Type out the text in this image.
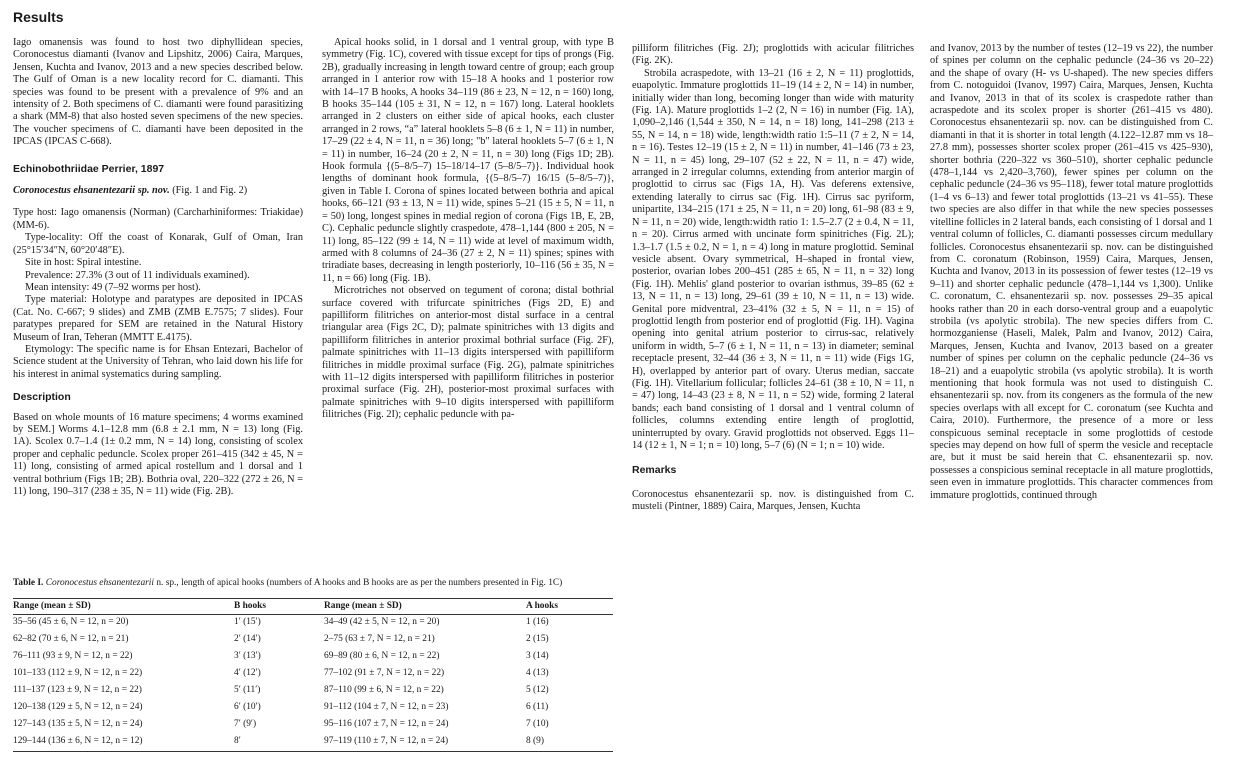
Results

Iago omanensis was found to host two diphyllidean species, Coronocestus diamanti (Ivanov and Lipshitz, 2006) Caira, Marques, Jensen, Kuchta and Ivanov, 2013 and a new species described below. The Gulf of Oman is a new locality record for C. diamanti. This species was found to be present with a prevalence of 9% and an intensity of 2. Both specimens of C. diamanti were found parasitizing a shark (MM-8) that also hosted seven specimens of the new species. The voucher specimens of C. diamanti have been deposited in the IPCAS (IPCAS C-668).

Echinobothriidae Perrier, 1897

Coronocestus ehsanentezarii sp. nov. (Fig. 1 and Fig. 2)

Type host: Iago omanensis (Norman) (Carcharhiniformes: Triakidae) (MM-6).

Type-locality: Off the coast of Konarak, Gulf of Oman, Iran (25°15′34″N, 60°20′48″E).

Site in host: Spiral intestine.

Prevalence: 27.3% (3 out of 11 individuals examined).

Mean intensity: 49 (7–92 worms per host).

Type material: Holotype and paratypes are deposited in IPCAS (Cat. No. C-667; 9 slides) and ZMB (ZMB E.7575; 7 slides). Four paratypes prepared for SEM are retained in the Natural History Museum of Iran, Teheran (MMTT E.4175).

Etymology: The specific name is for Ehsan Entezari, Bachelor of Science student at the University of Tehran, who laid down his life for his interest in animal systematics during sampling.

Description

Based on whole mounts of 16 mature specimens; 4 worms examined by SEM.] Worms 4.1–12.8 mm (6.8 ± 2.1 mm, N = 13) long (Fig. 1A). Scolex 0.7–1.4 (1± 0.2 mm, N = 14) long, consisting of scolex proper and cephalic peduncle. Scolex proper 261–415 (342 ± 45, N = 11) long, consisting of armed apical rostellum and 1 dorsal and 1 ventral bothrium (Figs 1B; 2B). Bothria oval, 220–322 (272 ± 26, N = 11) long, 190–317 (238 ± 35, N = 11) wide (Fig. 2B).

Apical hooks solid, in 1 dorsal and 1 ventral group, with type B symmetry (Fig. 1C), covered with tissue except for tips of prongs (Fig. 2B), gradually increasing in length toward centre of group; each group arranged in 1 anterior row with 15–18 A hooks and 1 posterior row with 14–17 B hooks, A hooks 34–119 (86 ± 23, N = 12, n = 160) long, B hooks 35–144 (105 ± 31, N = 12, n = 167) long. Lateral hooklets arranged in 2 clusters on either side of apical hooks, each cluster arranged in 2 rows, “a” lateral hooklets 5–8 (6 ± 1, N = 11) in number, 17–29 (22 ± 4, N = 11, n = 36) long; "b" lateral hooklets 5–7 (6 ± 1, N = 11) in number, 16–24 (20 ± 2, N = 11, n = 30) long (Figs 1D; 2B). Hook formula {(5–8/5–7) 15–18/14–17 (5–8/5–7)}. Individual hook lengths of dominant hook formula, {(5–8/5–7) 16/15 (5–8/5–7)}, given in Table I. Corona of spines located between bothria and apical hooks, 66–121 (93 ± 13, N = 11) wide, spines 5–21 (15 ± 5, N = 11, n = 50) long, longest spines in medial region of corona (Figs 1B, E, 2B, C). Cephalic peduncle slightly craspedote, 478–1,144 (800 ± 205, N = 11) long, 85–122 (99 ± 14, N = 11) wide at level of maximum width, armed with 8 columns of 24–36 (27 ± 2, N = 11) spines; spines with triradiate bases, decreasing in length posteriorly, 10–116 (56 ± 35, N = 11, n = 66) long (Fig. 1B).

Microtriches not observed on tegument of corona; distal bothrial surface covered with trifurcate spinitriches (Figs 2D, E) and papilliform filitriches on anterior-most distal surface in a central triangular area (Figs 2C, D); palmate spinitriches with 13 digits and papilliform filitriches in anterior proximal bothrial surface (Fig. 2F), palmate spinitriches with 11–13 digits interspersed with papilliform filitriches in middle proximal surface (Fig. 2G), palmate spinitriches with 11–12 digits interspersed with papilliform filitriches in posterior proximal surface (Fig. 2H), posterior-most proximal surfaces with palmate spinitriches with 9–10 digits interspersed with papilliform filitriches (Fig. 2I); cephalic peduncle with pa-

pilliform filitriches (Fig. 2J); proglottids with acicular filitriches (Fig. 2K).

Strobila acraspedote, with 13–21 (16 ± 2, N = 11) proglottids, euapolytic. Immature proglottids 11–19 (14 ± 2, N = 14) in number, initially wider than long, becoming longer than wide with maturity (Fig. 1A). Mature proglottids 1–2 (2, N = 16) in number (Fig. 1A), 1,090–2,146 (1,544 ± 350, N = 14, n = 18) long, 141–298 (213 ± 55, N = 14, n = 18) wide, length:width ratio 1:5–11 (7 ± 2, N = 14, n = 16). Testes 12–19 (15 ± 2, N = 11) in number, 41–146 (73 ± 23, N = 11, n = 45) long, 29–107 (52 ± 22, N = 11, n = 47) wide, arranged in 2 irregular columns, extending from anterior margin of proglottid to cirrus sac (Figs 1A, H). Vas deferens extensive, extending laterally to cirrus sac (Fig. 1H). Cirrus sac pyriform, unipartite, 134–215 (171 ± 25, N = 11, n = 20) long, 61–98 (83 ± 9, N = 11, n = 20) wide, length:width ratio 1: 1.5–2.7 (2 ± 0.4, N = 11, n = 20). Cirrus armed with uncinate form spinitriches (Fig. 2L); 1.3–1.7 (1.5 ± 0.2, N = 1, n = 4) long in mature proglottid. Seminal vesicle absent. Ovary symmetrical, H–shaped in frontal view, posterior, ovarian lobes 200–451 (285 ± 65, N = 11, n = 32) long (Fig. 1H). Mehlis' gland posterior to ovarian isthmus, 39–85 (62 ± 13, N = 11, n = 13) long, 29–61 (39 ± 10, N = 11, n = 13) wide. Genital pore midventral, 23–41% (32 ± 5, N = 11, n = 15) of proglottid length from posterior end of proglottid (Fig. 1H). Vagina opening into genital atrium posterior to cirrus-sac, relatively uniform in width, 5–7 (6 ± 1, N = 11, n = 13) in diameter; seminal receptacle present, 32–44 (36 ± 3, N = 11, n = 11) wide (Figs 1G, H), overlapped by anterior part of ovary. Uterus median, saccate (Fig. 1H). Vitellarium follicular; follicles 24–61 (38 ± 10, N = 11, n = 47) long, 14–43 (23 ± 8, N = 11, n = 52) wide, forming 2 lateral bands; each band consisting of 1 dorsal and 1 ventral column of follicles, columns extending entire length of proglottid, uninterrupted by ovary. Gravid proglottids not observed. Eggs 11–14 (12 ± 1, N = 1; n = 10) long, 5–7 (6) (N = 1; n = 10) wide.

Remarks

Coronocestus ehsanentezarii sp. nov. is distinguished from C. musteli (Pintner, 1889) Caira, Marques, Jensen, Kuchta

and Ivanov, 2013 by the number of testes (12–19 vs 22), the number of spines per column on the cephalic peduncle (24–36 vs 20–22) and the shape of ovary (H- vs U-shaped). The new species differs from C. notoguidoi (Ivanov, 1997) Caira, Marques, Jensen, Kuchta and Ivanov, 2013 in that of its scolex is craspedote rather than acraspedote and its scolex proper is shorter (261–415 vs 480). Coronocestus ehsanentezarii sp. nov. can be distinguished from C. diamanti in that it is shorter in total length (4.122–12.87 mm vs 18–27.8 mm), possesses shorter scolex proper (261–415 vs 425–930), shorter bothria (220–322 vs 360–510), shorter cephalic peduncle (478–1,144 vs 2,420–3,760), fewer spines per column on the cephalic peduncle (24–36 vs 95–118), fewer total mature proglottids (1–4 vs 6–13) and fewer total proglottids (13–21 vs 41–55). These two species are also differ in that while the new species possesses vitelline follicles in 2 lateral bands, each consisting of 1 dorsal and 1 ventral column of follicles, C. diamanti possesses circum medullary follicles. Coronocestus ehsanentezarii sp. nov. can be distinguished from C. coronatum (Robinson, 1959) Caira, Marques, Jensen, Kuchta and Ivanov, 2013 in its possession of fewer testes (12–19 vs 9–11) and shorter cephalic peduncle (478–1,144 vs 1,300). Unlike C. coronatum, C. ehsanentezarii sp. nov. possesses 29–35 apical hooks rather than 20 in each dorso-ventral group and a euapolytic strobila (vs apolytic strobila). The new species differs from C. hormozganiense (Haseli, Malek, Palm and Ivanov, 2012) Caira, Marques, Jensen, Kuchta and Ivanov, 2013 based on a greater number of spines per column on the cephalic peduncle (24–36 vs 18–21) and a euapolytic strobila (vs apolytic strobila). It is worth mentioning that hook formula was not used to distinguish C. ehsanentezarii sp. nov. from its congeners as the formula of the new species overlaps with all except for C. coronatum (see Kuchta and Caira, 2010). Furthermore, the presence of a more or less conspicuous seminal receptacle in some proglottids of cestode species may depend on how full of sperm the vesicle and receptacle are, but it must be said herein that C. ehsanentezarii sp. nov. possesses a conspicious seminal receptacle in all mature proglottids, seen even in immature proglottids. This character commences from immature proglottids, continued through

Table I. Coronocestus ehsanentezarii n. sp., length of apical hooks (numbers of A hooks and B hooks are as per the numbers presented in Fig. 1C)

Range (mean ± SD)	B hooks	Range (mean ± SD)	A hooks
35–56 (45 ± 6, N = 12, n = 20)	1′ (15′)	34–49 (42 ± 5, N = 12, n = 20)	1 (16)
62–82 (70 ± 6, N = 12, n = 21)	2′ (14′)	2–75 (63 ± 7, N = 12, n = 21)	2 (15)
76–111 (93 ± 9, N = 12, n = 22)	3′ (13′)	69–89 (80 ± 6, N = 12, n = 22)	3 (14)
101–133 (112 ± 9, N = 12, n = 22)	4′ (12′)	77–102 (91 ± 7, N = 12, n = 22)	4 (13)
111–137 (123 ± 9, N = 12, n = 22)	5′ (11′)	87–110 (99 ± 6, N = 12, n = 22)	5 (12)
120–138 (129 ± 5, N = 12, n = 24)	6′ (10′)	91–112 (104 ± 7, N = 12, n = 23)	6 (11)
127–143 (135 ± 5, N = 12, n = 24)	7′ (9′)	95–116 (107 ± 7, N = 12, n = 24)	7 (10)
129–144 (136 ± 6, N = 12, n = 12)	8′	97–119 (110 ± 7, N = 12, n = 24)	8 (9)
